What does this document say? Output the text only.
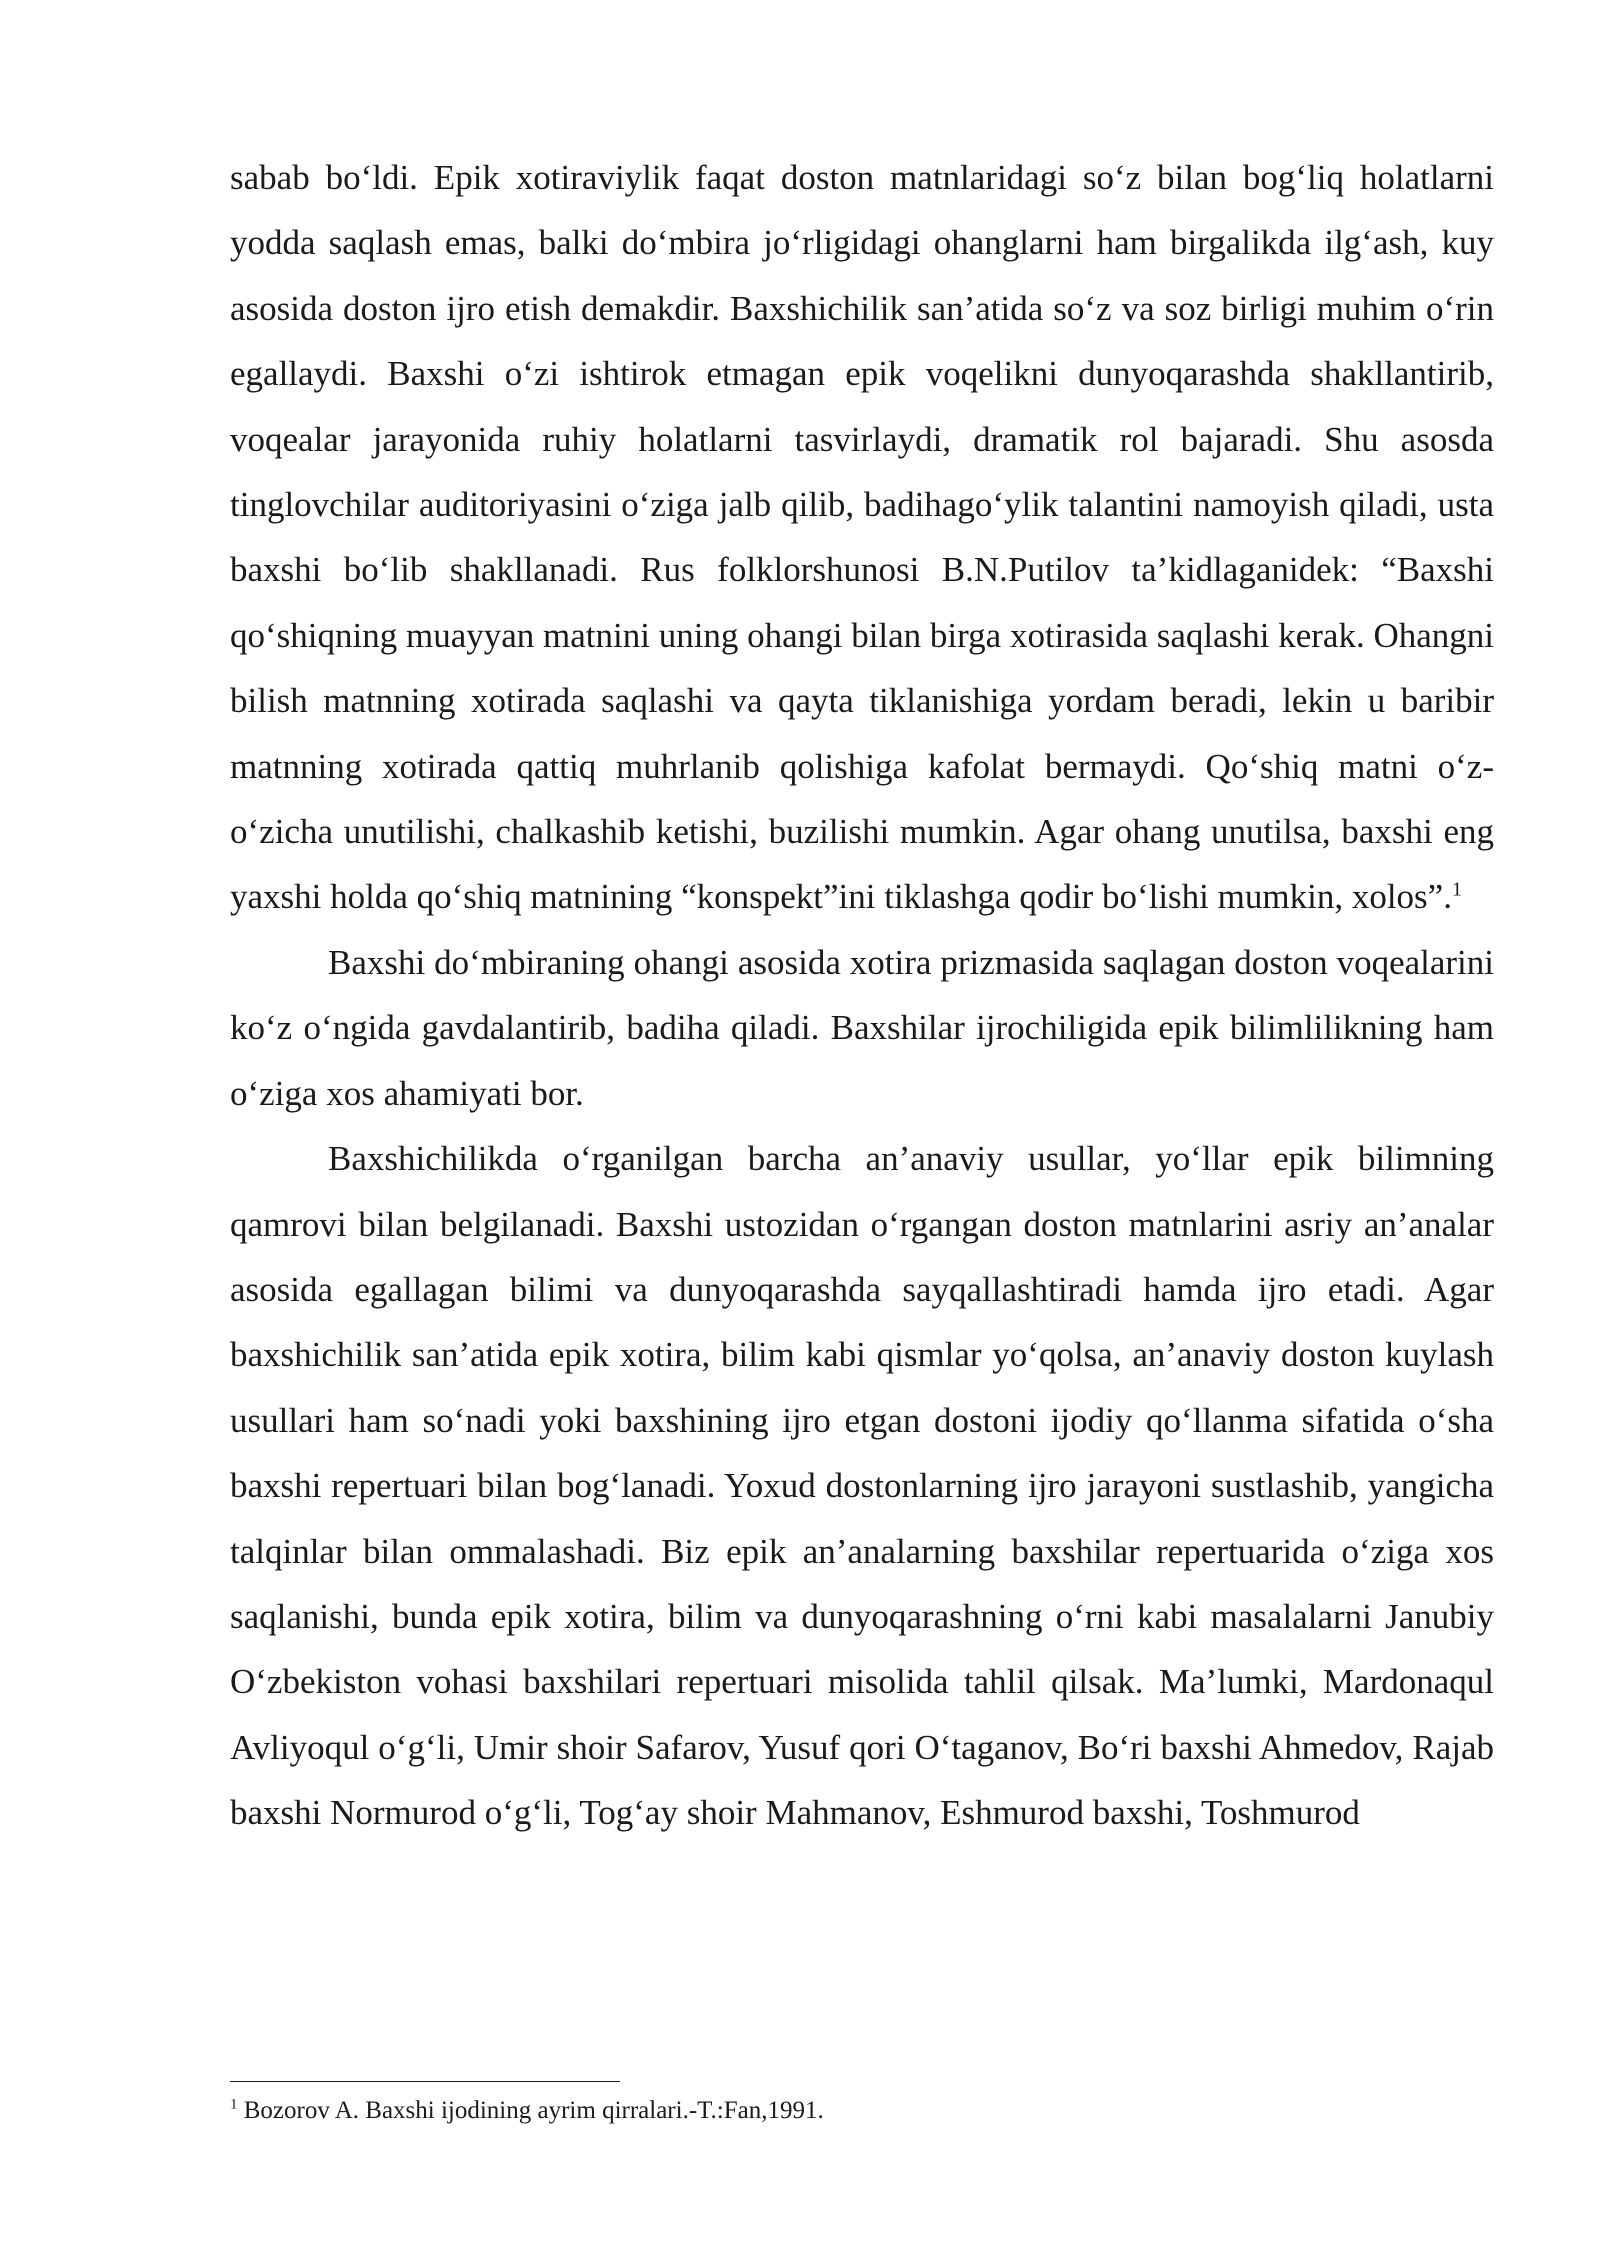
sabab bo‘ldi. Epik xotiraviylik faqat doston matnlaridagi so‘z bilan bog‘liq holatlarni yodda saqlash emas, balki do‘mbira jo‘rligidagi ohanglarni ham birgalikda ilg‘ash, kuy asosida doston ijro etish demakdir. Baxshichilik san’atida so‘z va soz birligi muhim o‘rin egallaydi. Baxshi o‘zi ishtirok etmagan epik voqelikni dunyoqarashda shakllantirib, voqealar jarayonida ruhiy holatlarni tasvirlaydi, dramatik rol bajaradi. Shu asosda tinglovchilar auditoriyasini o‘ziga jalb qilib, badihago‘ylik talantini namoyish qiladi, usta baxshi bo‘lib shakllanadi. Rus folklorshunosi B.N.Putilov ta’kidlaganidek: “Baxshi qo‘shiqning muayyan matnini uning ohangi bilan birga xotirasida saqlashi kerak. Ohangni bilish matnning xotirada saqlashi va qayta tiklanishiga yordam beradi, lekin u baribir matnning xotirada qattiq muhrlanib qolishiga kafolat bermaydi. Qo‘shiq matni o‘z-o‘zicha unutilishi, chalkashib ketishi, buzilishi mumkin. Agar ohang unutilsa, baxshi eng yaxshi holda qo‘shiq matnining “konspekt”ini tiklashga qodir bo‘lishi mumkin, xolos”.$^1$

Baxshi do‘mbiraning ohangi asosida xotira prizmasida saqlagan doston voqealarini ko‘z o‘ngida gavdalantirib, badiha qiladi. Baxshilar ijrochiligida epik bilimlilikning ham o‘ziga xos ahamiyati bor.

Baxshichilikda o‘rganilgan barcha an’anaviy usullar, yo‘llar epik bilimning qamrovi bilan belgilanadi. Baxshi ustozidan o‘rgangan doston matnlarini asriy an’analar asosida egallagan bilimi va dunyoqarashda sayqallashtiradi hamda ijro etadi. Agar baxshichilik san’atida epik xotira, bilim kabi qismlar yo‘qolsa, an’anaviy doston kuylash usullari ham so‘nadi yoki baxshining ijro etgan dostoni ijodiy qo‘llanma sifatida o‘sha baxshi repertuari bilan bog‘lanadi. Yoxud dostonlarning ijro jarayoni sustlashib, yangicha talqinlar bilan ommalashadi. Biz epik an’analarning baxshilar repertuarida o‘ziga xos saqlanishi, bunda epik xotira, bilim va dunyoqarashning o‘rni kabi masalalarni Janubiy O‘zbekiston vohasi baxshilari repertuari misolida tahlil qilsak. Ma’lumki, Mardonaqul Avliyoqul o‘g‘li, Umir shoir Safarov, Yusuf qori O‘taganov, Bo‘ri baxshi Ahmedov, Rajab baxshi Normurod o‘g‘li, Tog‘ay shoir Mahmanov, Eshmurod baxshi, Toshmurod

$^1$ Bozorov A. Baxshi ijodining ayrim qirralari.-T.:Fan,1991.
